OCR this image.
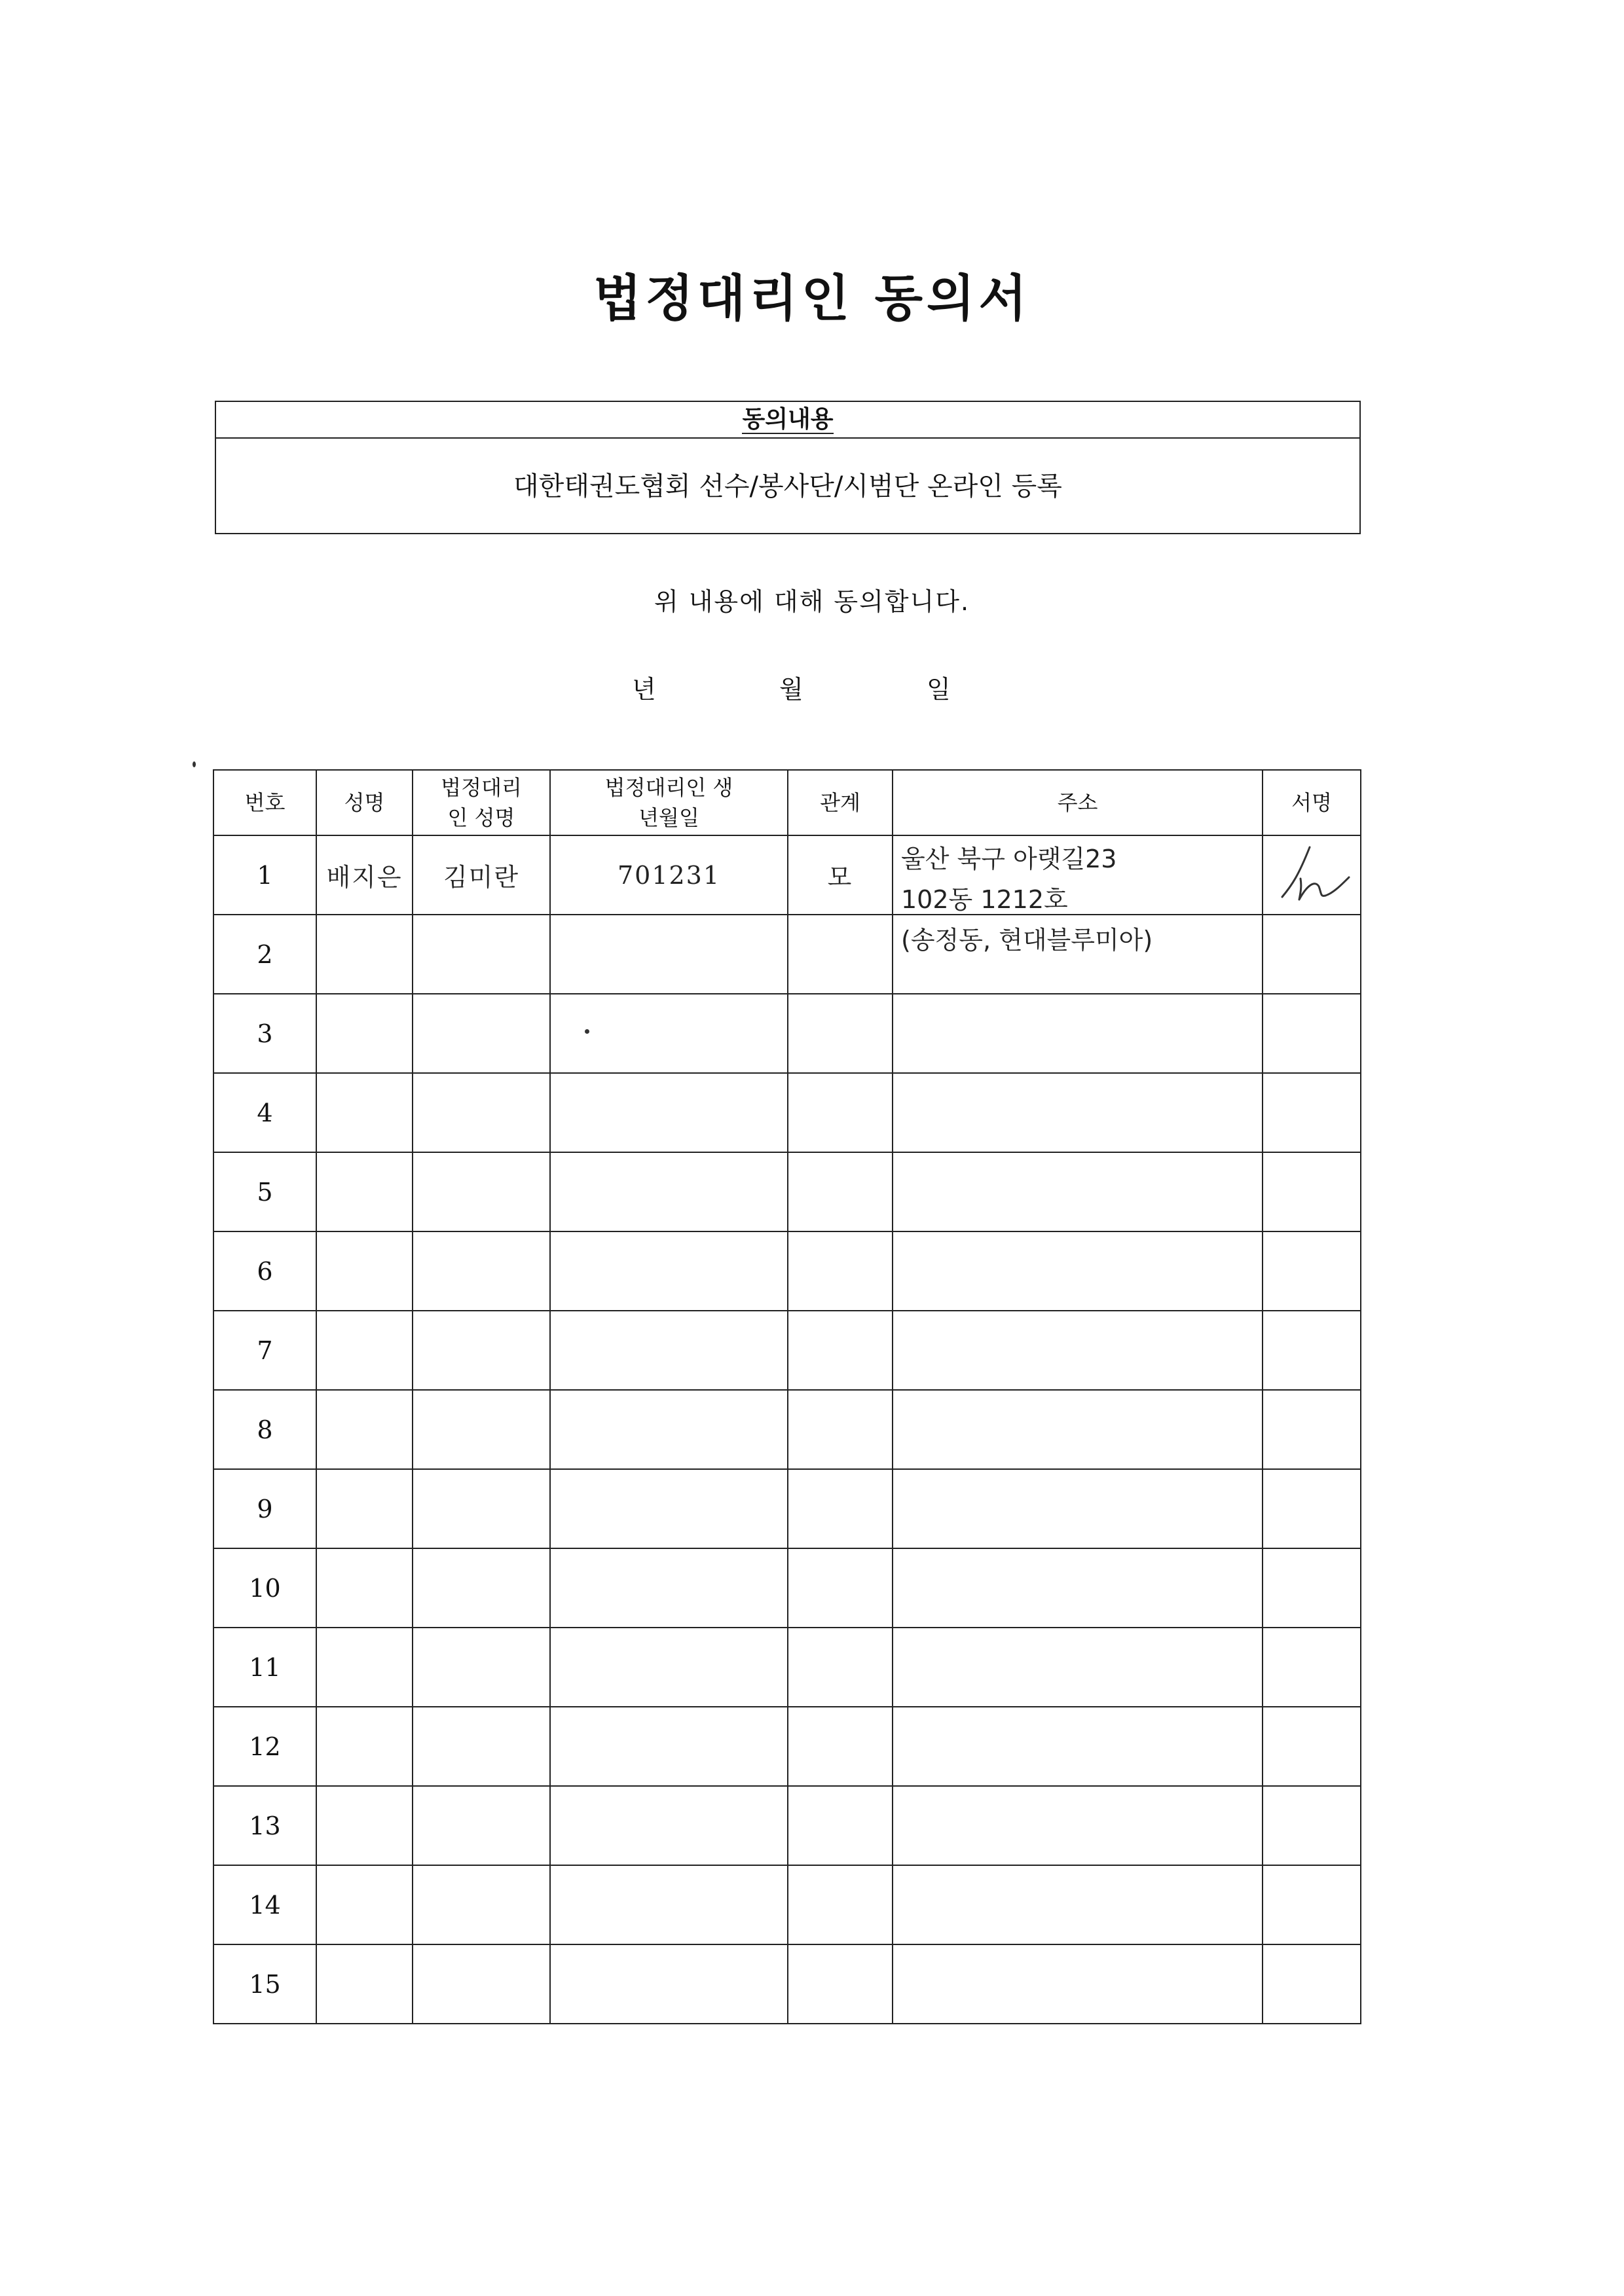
법정대리인 동의서
동의내용
대한태권도협회 선수/봉사단/시범단 온라인 등록
위 내용에 대해 동의합니다.
년	월	일
번호	성명	법정대리인 성명	법정대리인 생년월일	관계	주소	서명
1	배지은	김미란	701231	모	울산 북구 아랫길23
102동 1212호
(송정동, 현대블루미아)

2						
3						
4						
5						
6						
7						
8						
9						
10						
11						
12						
13						
14						
15						
